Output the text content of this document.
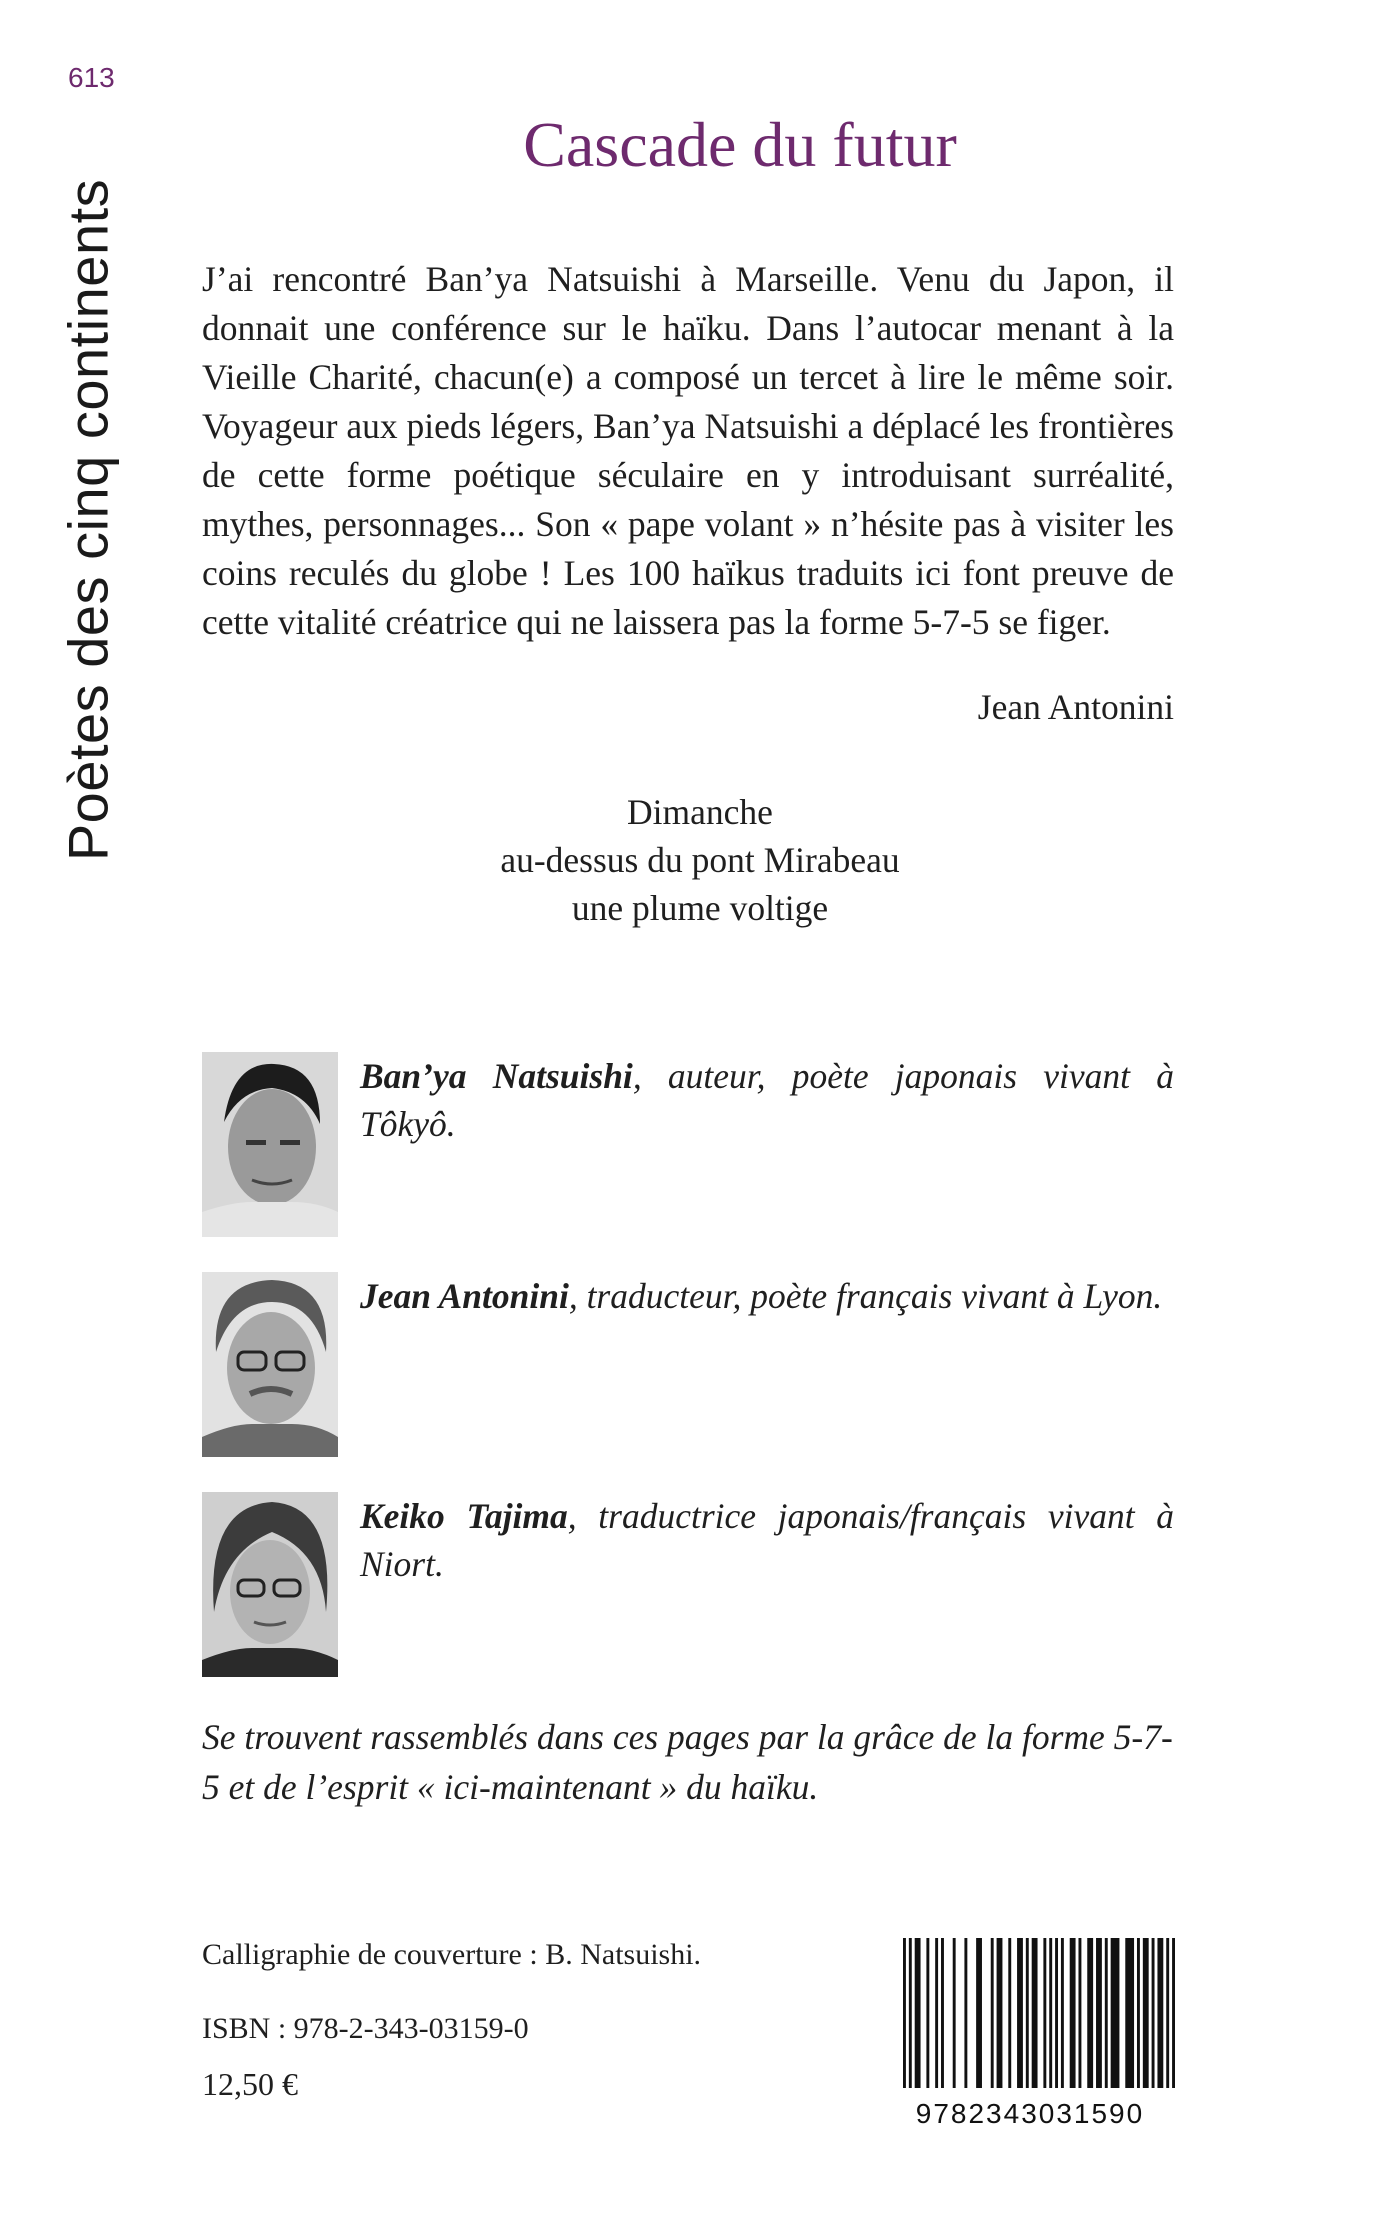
613
Poètes des cinq continents
Cascade du futur

J’ai rencontré Ban’ya Natsuishi à Marseille. Venu du Japon, il donnait une conférence sur le haïku. Dans l’autocar menant à la Vieille Charité, chacun(e) a composé un tercet à lire le même soir. Voyageur aux pieds légers, Ban’ya Natsuishi a déplacé les frontières de cette forme poétique séculaire en y introduisant surréalité, mythes, personnages... Son « pape volant » n’hésite pas à visiter les coins reculés du globe ! Les 100 haïkus traduits ici font preuve de cette vitalité créatrice qui ne laissera pas la forme 5-7-5 se figer.

Jean Antonini
Dimanche
au-dessus du pont Mirabeau
une plume voltige
Ban’ya Natsuishi, auteur, poète japonais vivant à Tôkyô.
Jean Antonini, traducteur, poète français vivant à Lyon.
Keiko Tajima, traductrice japonais/français vivant à Niort.

Se trouvent rassemblés dans ces pages par la grâce de la forme 5-7-5 et de l’esprit « ici-maintenant » du haïku.

Calligraphie de couverture : B. Natsuishi.
ISBN : 978-2-343-03159-0
12,50 €
9782343031590
